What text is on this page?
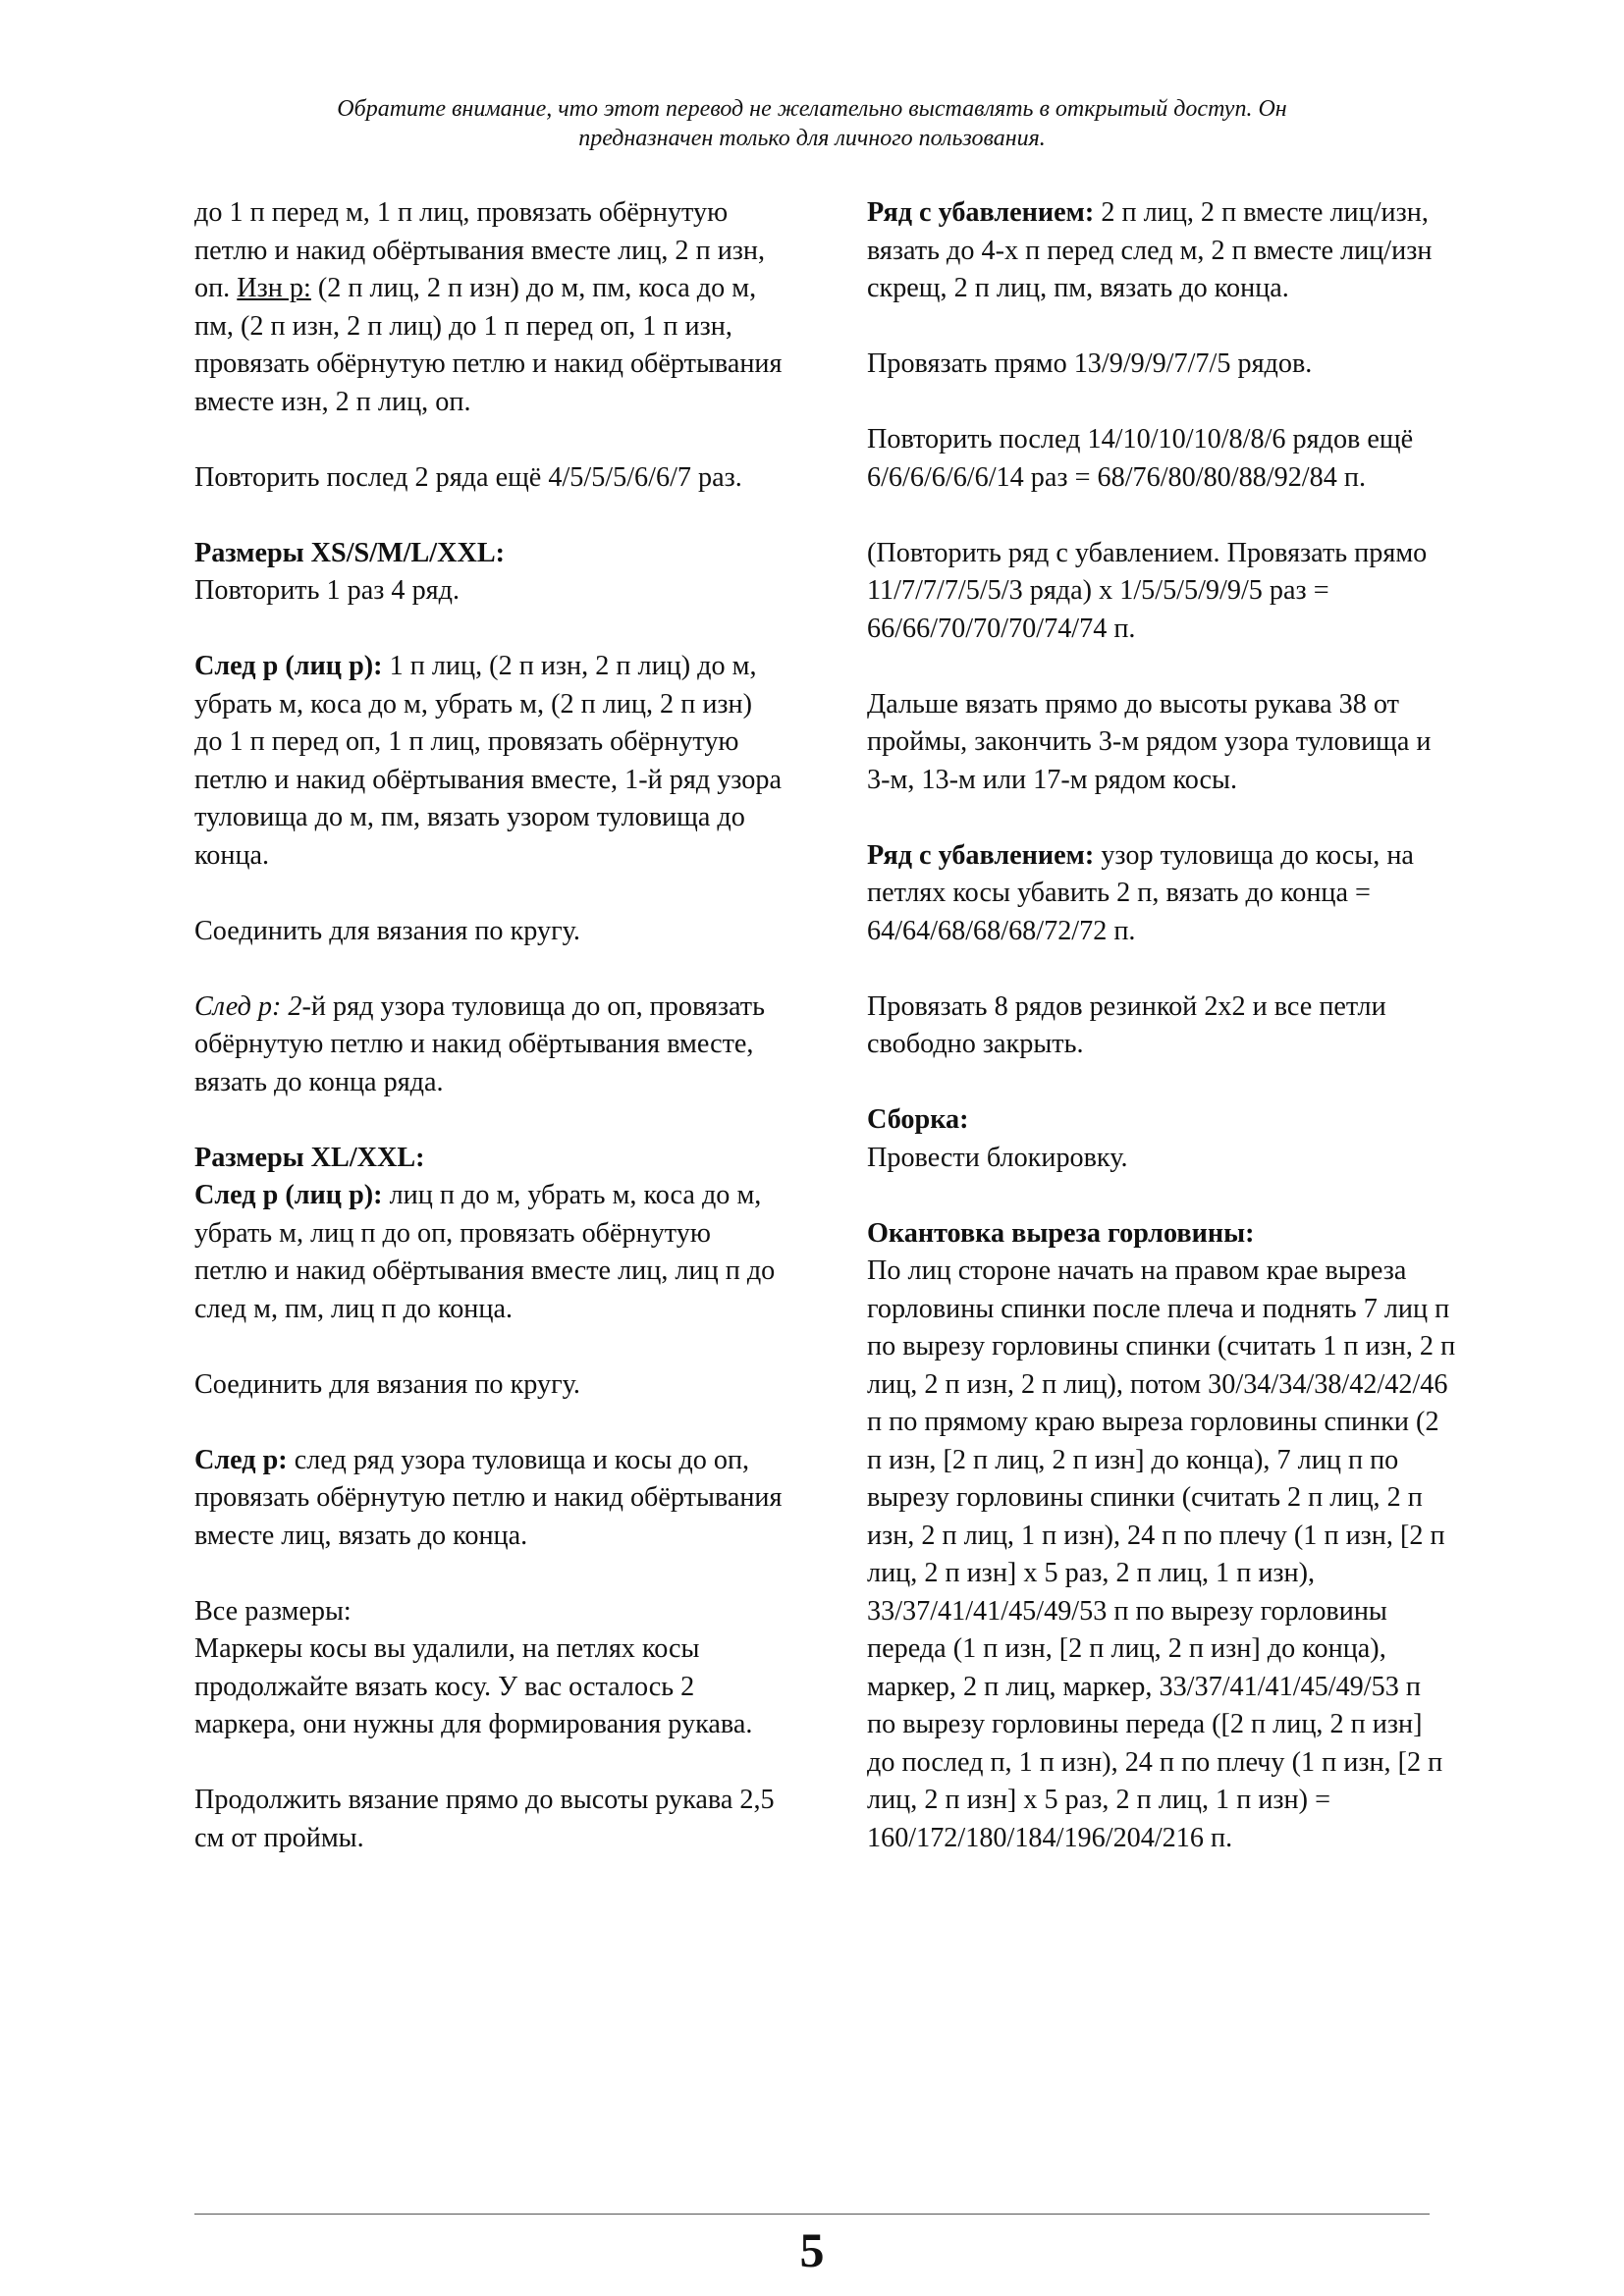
Обратите внимание, что этот перевод не желательно выставлять в открытый доступ. Он
предназначен только для личного пользования.

до 1 п перед м, 1 п лиц, провязать обёрнутую петлю и накид обёртывания вместе лиц, 2 п изн, оп. Изн р: (2 п лиц, 2 п изн) до м, пм, коса до м, пм, (2 п изн, 2 п лиц) до 1 п перед оп, 1 п изн, провязать обёрнутую петлю и накид обёртывания вместе изн, 2 п лиц, оп.

Повторить послед 2 ряда ещё 4/5/5/5/6/6/7 раз.

Размеры XS/S/M/L/XXL:

Повторить 1 раз 4 ряд.

След р (лиц р): 1 п лиц, (2 п изн, 2 п лиц) до м, убрать м, коса до м, убрать м, (2 п лиц, 2 п изн) до 1 п перед оп, 1 п лиц, провязать обёрнутую петлю и накид обёртывания вместе, 1-й ряд узора туловища до м, пм, вязать узором туловища до конца.

Соединить для вязания по кругу.

След р: 2-й ряд узора туловища до оп, провязать обёрнутую петлю и накид обёртывания вместе, вязать до конца ряда.

Размеры XL/XXL:

След р (лиц р): лиц п до м, убрать м, коса до м, убрать м, лиц п до оп, провязать обёрнутую петлю и накид обёртывания вместе лиц, лиц п до след м, пм, лиц п до конца.

Соединить для вязания по кругу.

След р: след ряд узора туловища и косы до оп, провязать обёрнутую петлю и накид обёртывания вместе лиц, вязать до конца.

Все размеры:

Маркеры косы вы удалили, на петлях косы продолжайте вязать косу. У вас осталось 2 маркера, они нужны для формирования рукава.

Продолжить вязание прямо до высоты рукава 2,5 см от проймы.

Ряд с убавлением: 2 п лиц, 2 п вместе лиц/изн, вязать до 4-х п перед след м, 2 п вместе лиц/изн скрещ, 2 п лиц, пм, вязать до конца.

Провязать прямо 13/9/9/9/7/7/5 рядов.

Повторить послед 14/10/10/10/8/8/6 рядов ещё 6/6/6/6/6/6/14 раз = 68/76/80/80/88/92/84 п.

(Повторить ряд с убавлением. Провязать прямо 11/7/7/7/5/5/3 ряда) х 1/5/5/5/9/9/5 раз = 66/66/70/70/70/74/74 п.

Дальше вязать прямо до высоты рукава 38 от проймы, закончить 3-м рядом узора туловища и 3-м, 13-м или 17-м рядом косы.

Ряд с убавлением: узор туловища до косы, на петлях косы убавить 2 п, вязать до конца = 64/64/68/68/68/72/72 п.

Провязать 8 рядов резинкой 2х2 и все петли свободно закрыть.

Сборка:

Провести блокировку.

Окантовка выреза горловины:

По лиц стороне начать на правом крае выреза горловины спинки после плеча и поднять 7 лиц п по вырезу горловины спинки (считать 1 п изн, 2 п лиц, 2 п изн, 2 п лиц), потом 30/34/34/38/42/42/46 п по прямому краю выреза горловины спинки (2 п изн, [2 п лиц, 2 п изн] до конца), 7 лиц п по вырезу горловины спинки (считать 2 п лиц, 2 п изн, 2 п лиц, 1 п изн), 24 п по плечу (1 п изн, [2 п лиц, 2 п изн] х 5 раз, 2 п лиц, 1 п изн), 33/37/41/41/45/49/53 п по вырезу горловины переда (1 п изн, [2 п лиц, 2 п изн] до конца), маркер, 2 п лиц, маркер, 33/37/41/41/45/49/53 п по вырезу горловины переда ([2 п лиц, 2 п изн] до послед п, 1 п изн), 24 п по плечу (1 п изн, [2 п лиц, 2 п изн] х 5 раз, 2 п лиц, 1 п изн) = 160/172/180/184/196/204/216 п.

5
